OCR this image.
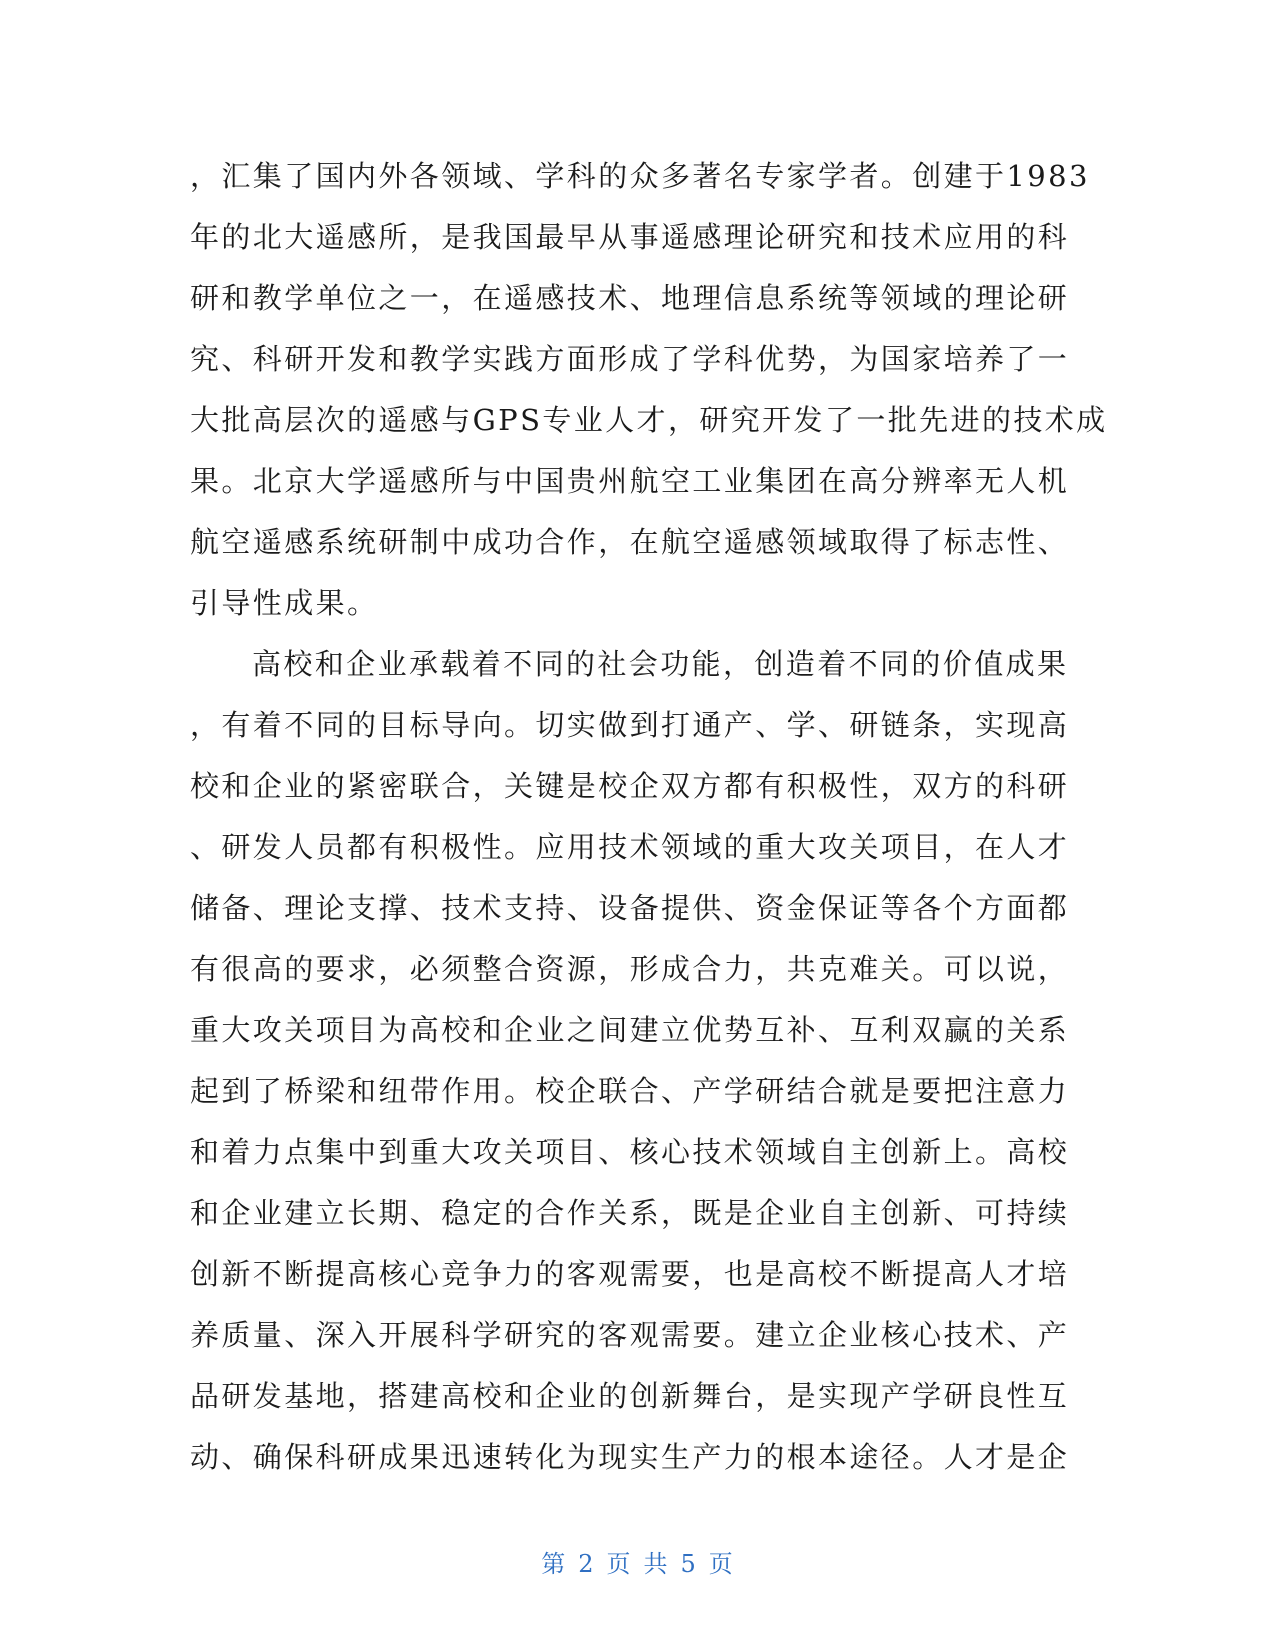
，汇集了国内外各领域、学科的众多著名专家学者。创建于1983
年的北大遥感所，是我国最早从事遥感理论研究和技术应用的科
研和教学单位之一，在遥感技术、地理信息系统等领域的理论研
究、科研开发和教学实践方面形成了学科优势，为国家培养了一
大批高层次的遥感与GPS专业人才，研究开发了一批先进的技术成
果。北京大学遥感所与中国贵州航空工业集团在高分辨率无人机
航空遥感系统研制中成功合作，在航空遥感领域取得了标志性、
引导性成果。
高校和企业承载着不同的社会功能，创造着不同的价值成果
，有着不同的目标导向。切实做到打通产、学、研链条，实现高
校和企业的紧密联合，关键是校企双方都有积极性，双方的科研
、研发人员都有积极性。应用技术领域的重大攻关项目，在人才
储备、理论支撑、技术支持、设备提供、资金保证等各个方面都
有很高的要求，必须整合资源，形成合力，共克难关。可以说，
重大攻关项目为高校和企业之间建立优势互补、互利双赢的关系
起到了桥梁和纽带作用。校企联合、产学研结合就是要把注意力
和着力点集中到重大攻关项目、核心技术领域自主创新上。高校
和企业建立长期、稳定的合作关系，既是企业自主创新、可持续
创新不断提高核心竞争力的客观需要，也是高校不断提高人才培
养质量、深入开展科学研究的客观需要。建立企业核心技术、产
品研发基地，搭建高校和企业的创新舞台，是实现产学研良性互
动、确保科研成果迅速转化为现实生产力的根本途径。人才是企
第 2 页 共 5 页
